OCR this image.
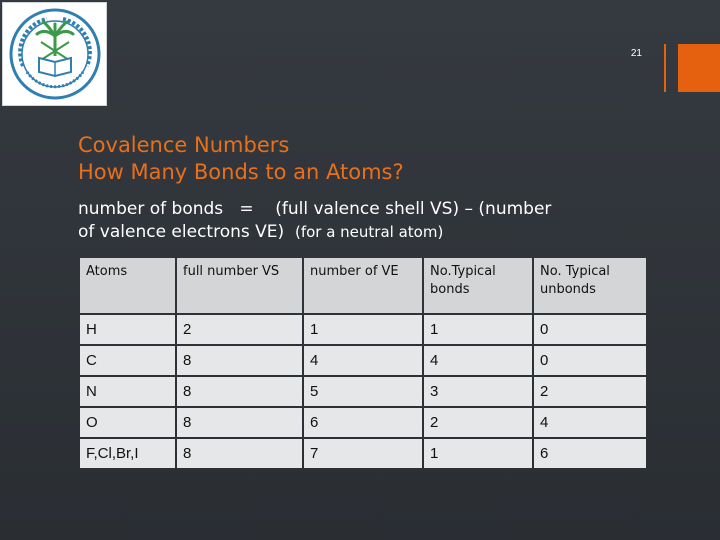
21
Covalence Numbers
How Many Bonds to an Atoms?
number of bonds   =    (full valence shell VS) – (number
of valence electrons VE) (for a neutral atom)
Atoms	full number VS	number of VE	No.Typical bonds	No. Typical unbonds
H	2	1	1	0
C	8	4	4	0
N	8	5	3	2
O	8	6	2	4
F,Cl,Br,I	8	7	1	6
